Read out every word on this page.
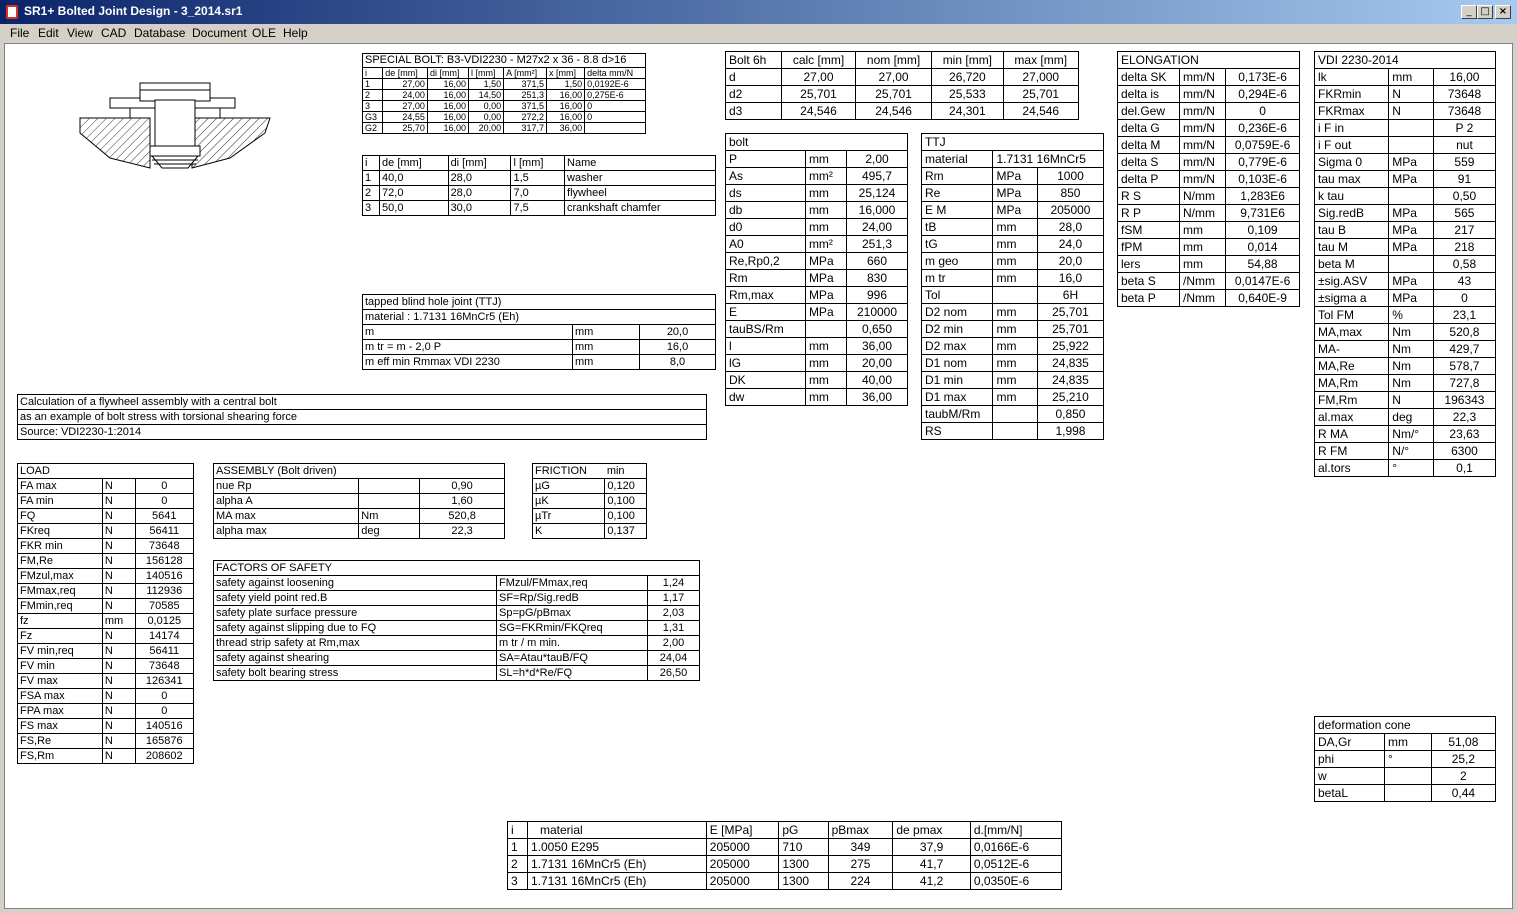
SR1+ Bolted Joint Design - 3_2014.sr1	_ □ ×
File Edit View CAD Database Document OLE Help
SPECIAL BOLT: B3-VDI2230 - M27x2 x 36 - 8.8 d>16						
i	de [mm]	di [mm]	l [mm]	A [mm²]	x [mm]	delta mm/N
1	27,00	16,00	1,50	371,5	1,50	0,0192E-6
2	24,00	16,00	14,50	251,3	16,00	0,275E-6
3	27,00	16,00	0,00	371,5	16,00	0
G3	24,55	16,00	0,00	272,2	16,00	0
G2	25,70	16,00	20,00	317,7	36,00	
i	de [mm]	di [mm]	l [mm]	Name
1	40,0	28,0	1,5	washer
2	72,0	28,0	7,0	flywheel
3	50,0	30,0	7,5	crankshaft chamfer
tapped blind hole joint (TTJ)		
material : 1.7131 16MnCr5 (Eh)		
m	mm	20,0
m tr = m - 2,0 P	mm	16,0
m eff min Rmmax VDI 2230	mm	8,0
Calculation of a flywheel assembly with a central bolt
as an example of bolt stress with torsional shearing force
Source: VDI2230-1:2014
Bolt 6h	calc [mm]	nom [mm]	min [mm]	max [mm]
d	27,00	27,00	26,720	27,000
d2	25,701	25,701	25,533	25,701
d3	24,546	24,546	24,301	24,546
bolt		
P	mm	2,00
As	mm²	495,7
ds	mm	25,124
db	mm	16,000
d0	mm	24,00
A0	mm²	251,3
Re,Rp0,2	MPa	660
Rm	MPa	830
Rm,max	MPa	996
E	MPa	210000
tauBS/Rm		0,650
l	mm	36,00
lG	mm	20,00
DK	mm	40,00
dw	mm	36,00
TTJ		
material	1.7131 16MnCr5	
Rm	MPa	1000
Re	MPa	850
E M	MPa	205000
tB	mm	28,0
tG	mm	24,0
m geo	mm	20,0
m tr	mm	16,0
Tol		6H
D2 nom	mm	25,701
D2 min	mm	25,701
D2 max	mm	25,922
D1 nom	mm	24,835
D1 min	mm	24,835
D1 max	mm	25,210
taubM/Rm		0,850
RS		1,998
ELONGATION		
delta SK	mm/N	0,173E-6
delta is	mm/N	0,294E-6
del.Gew	mm/N	0
delta G	mm/N	0,236E-6
delta M	mm/N	0,0759E-6
delta S	mm/N	0,779E-6
delta P	mm/N	0,103E-6
R S	N/mm	1,283E6
R P	N/mm	9,731E6
fSM	mm	0,109
fPM	mm	0,014
lers	mm	54,88
beta S	/Nmm	0,0147E-6
beta P	/Nmm	0,640E-9
VDI 2230-2014		
lk	mm	16,00
FKRmin	N	73648
FKRmax	N	73648
i F in		P 2
i F out		nut
Sigma 0	MPa	559
tau max	MPa	91
k tau		0,50
Sig.redB	MPa	565
tau B	MPa	217
tau M	MPa	218
beta M		0,58
±sig.ASV	MPa	43
±sigma a	MPa	0
Tol FM	%	23,1
MA,max	Nm	520,8
MA-	Nm	429,7
MA,Re	Nm	578,7
MA,Rm	Nm	727,8
FM,Rm	N	196343
al.max	deg	22,3
R MA	Nm/°	23,63
R FM	N/°	6300
al.tors	°	0,1
deformation cone		
DA,Gr	mm	51,08
phi	°	25,2
w		2
betaL		0,44
LOAD		
FA max	N	0
FA min	N	0
FQ	N	5641
FKreq	N	56411
FKR min	N	73648
FM,Re	N	156128
FMzul,max	N	140516
FMmax,req	N	112936
FMmin,req	N	70585
fz	mm	0,0125
Fz	N	14174
FV min,req	N	56411
FV min	N	73648
FV max	N	126341
FSA max	N	0
FPA max	N	0
FS max	N	140516
FS,Re	N	165876
FS,Rm	N	208602
ASSEMBLY (Bolt driven)		
nue Rp		0,90
alpha A		1,60
MA max	Nm	520,8
alpha max	deg	22,3
FRICTION	min
µG	0,120
µK	0,100
µTr	0,100
K	0,137
FACTORS OF SAFETY		
safety against loosening	FMzul/FMmax,req	1,24
safety yield point red.B	SF=Rp/Sig.redB	1,17
safety plate surface pressure	Sp=pG/pBmax	2,03
safety against slipping due to FQ	SG=FKRmin/FKQreq	1,31
thread strip safety at Rm,max	m tr / m min.	2,00
safety against shearing	SA=Atau*tauB/FQ	24,04
safety bolt bearing stress	SL=h*d*Re/FQ	26,50
i	material	E [MPa]	pG	pBmax	de pmax	d.[mm/N]
1	1.0050 E295	205000	710	349	37,9	0,0166E-6
2	1.7131 16MnCr5 (Eh)	205000	1300	275	41,7	0,0512E-6
3	1.7131 16MnCr5 (Eh)	205000	1300	224	41,2	0,0350E-6
